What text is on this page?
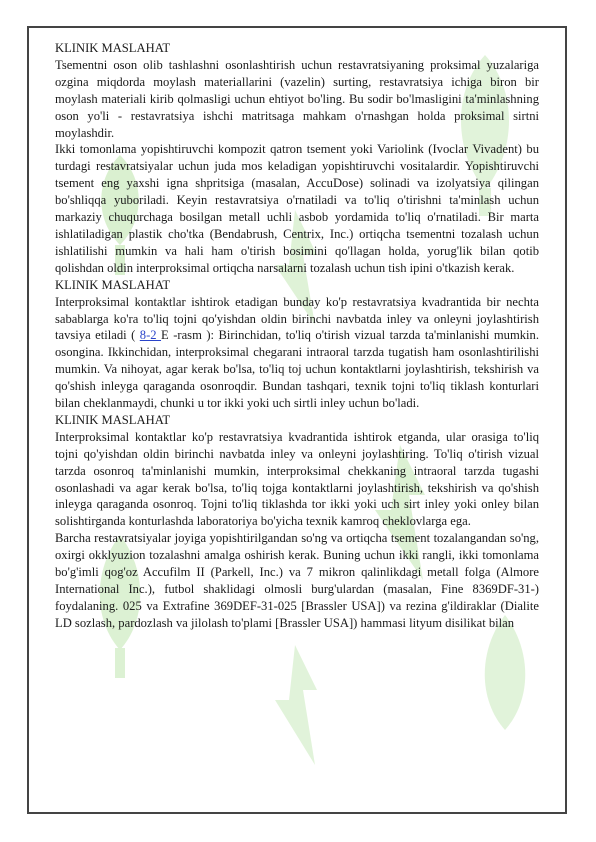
KLINIK MASLAHAT

Tsementni oson olib tashlashni osonlashtirish uchun restavratsiyaning proksimal yuzalariga ozgina miqdorda moylash materiallarini (vazelin) surting, restavratsiya ichiga biron bir moylash materiali kirib qolmasligi uchun ehtiyot bo'ling. Bu sodir bo'lmasligini ta'minlashning oson yo'li - restavratsiya ishchi matritsaga mahkam o'rnashgan holda proksimal sirtni moylashdir.

Ikki tomonlama yopishtiruvchi kompozit qatron tsement yoki Variolink (Ivoclar Vivadent) bu turdagi restavratsiyalar uchun juda mos keladigan yopishtiruvchi vositalardir. Yopishtiruvchi tsement eng yaxshi igna shpritsiga (masalan, AccuDose) solinadi va izolyatsiya qilingan bo'shliqqa yuboriladi. Keyin restavratsiya o'rnatiladi va to'liq o'tirishni ta'minlash uchun markaziy chuqurchaga bosilgan metall uchli asbob yordamida to'liq o'rnatiladi. Bir marta ishlatiladigan plastik cho'tka (Bendabrush, Centrix, Inc.) ortiqcha tsementni tozalash uchun ishlatilishi mumkin va hali ham o'tirish bosimini qo'llagan holda, yorug'lik bilan qotib qolishdan oldin interproksimal ortiqcha narsalarni tozalash uchun tish ipini o'tkazish kerak.

KLINIK MASLAHAT

Interproksimal kontaktlar ishtirok etadigan bunday ko'p restavratsiya kvadrantida bir nechta sabablarga ko'ra to'liq tojni qo'yishdan oldin birinchi navbatda inley va onleyni joylashtirish tavsiya etiladi ( 8-2 E -rasm ): Birinchidan, to'liq o'tirish vizual tarzda ta'minlanishi mumkin. osongina. Ikkinchidan, interproksimal chegarani intraoral tarzda tugatish ham osonlashtirilishi mumkin. Va nihoyat, agar kerak bo'lsa, to'liq toj uchun kontaktlarni joylashtirish, tekshirish va qo'shish inleyga qaraganda osonroqdir. Bundan tashqari, texnik tojni to'liq tiklash konturlari bilan cheklanmaydi, chunki u tor ikki yoki uch sirtli inley uchun bo'ladi.

KLINIK MASLAHAT

Interproksimal kontaktlar ko'p restavratsiya kvadrantida ishtirok etganda, ular orasiga to'liq tojni qo'yishdan oldin birinchi navbatda inley va onleyni joylashtiring. To'liq o'tirish vizual tarzda osonroq ta'minlanishi mumkin, interproksimal chekkaning intraoral tarzda tugashi osonlashadi va agar kerak bo'lsa, to'liq tojga kontaktlarni joylashtirish, tekshirish va qo'shish inleyga qaraganda osonroq. Tojni to'liq tiklashda tor ikki yoki uch sirt inley yoki onley bilan solishtirganda konturlashda laboratoriya bo'yicha texnik kamroq cheklovlarga ega.

Barcha restavratsiyalar joyiga yopishtirilgandan so'ng va ortiqcha tsement tozalangandan so'ng, oxirgi okklyuzion tozalashni amalga oshirish kerak. Buning uchun ikki rangli, ikki tomonlama bo'g'imli qog'oz Accufilm II (Parkell, Inc.) va 7 mikron qalinlikdagi metall folga (Almore International Inc.), futbol shaklidagi olmosli burg'ulardan (masalan, Fine 8369DF-31-) foydalaning. 025 va Extrafine 369DEF-31-025 [Brassler USA]) va rezina g'ildiraklar (Dialite LD sozlash, pardozlash va jilolash to'plami [Brassler USA]) hammasi lityum disilikat bilan
